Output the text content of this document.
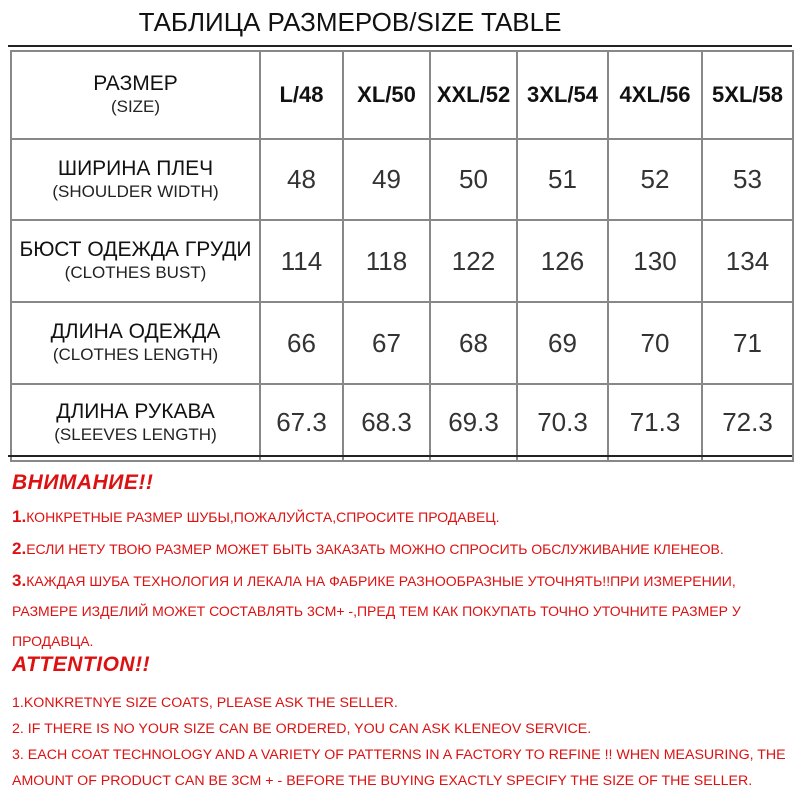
ТАБЛИЦА РАЗМЕРОВ/SIZE TABLE
РАЗМЕР
(SIZE)	L/48	XL/50	XXL/52	3XL/54	4XL/56	5XL/58

ШИРИНА ПЛЕЧ
(SHOULDER WIDTH)	48	49	50	51	52	53

БЮСТ ОДЕЖДА ГРУДИ
(CLOTHES BUST)	114	118	122	126	130	134

ДЛИНА ОДЕЖДА
(CLOTHES LENGTH)	66	67	68	69	70	71

ДЛИНА РУКАВА
(SLEEVES LENGTH)	67.3	68.3	69.3	70.3	71.3	72.3
ВНИМАНИЕ!!
1.КОНКРЕТНЫЕ РАЗМЕР ШУБЫ,ПОЖАЛУЙСТА,СПРОСИТЕ ПРОДАВЕЦ.
2.ЕСЛИ НЕТУ ТВОЮ РАЗМЕР МОЖЕТ БЫТЬ ЗАКАЗАТЬ МОЖНО СПРОСИТЬ ОБСЛУЖИВАНИЕ КЛЕНЕОВ.
3.КАЖДАЯ ШУБА ТЕХНОЛОГИЯ И ЛЕКАЛА НА ФАБРИКЕ РАЗНООБРАЗНЫЕ УТОЧНЯТЬ!!ПРИ ИЗМЕРЕНИИ, РАЗМЕРЕ ИЗДЕЛИЙ МОЖЕТ СОСТАВЛЯТЬ 3СМ+ -,ПРЕД ТЕМ КАК ПОКУПАТЬ ТОЧНО УТОЧНИТЕ РАЗМЕР У ПРОДАВЦА.
ATTENTION!!
1.KONKRETNYE SIZE COATS, PLEASE ASK THE SELLER.
2. IF THERE IS NO YOUR SIZE CAN BE ORDERED, YOU CAN ASK KLENEOV SERVICE.
3. EACH COAT TECHNOLOGY AND A VARIETY OF PATTERNS IN A FACTORY TO REFINE !! WHEN MEASURING, THE AMOUNT OF PRODUCT CAN BE 3CM + - BEFORE THE BUYING EXACTLY SPECIFY THE SIZE OF THE SELLER.
